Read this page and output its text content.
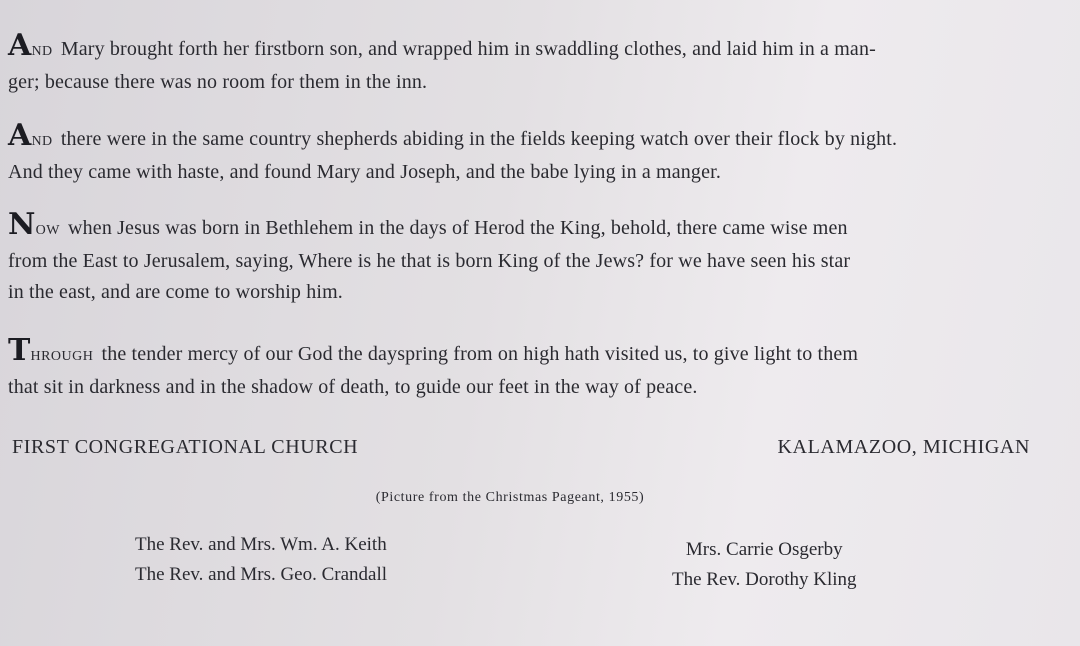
AND Mary brought forth her firstborn son, and wrapped him in swaddling clothes, and laid him in a man-
ger; because there was no room for them in the inn.
AND there were in the same country shepherds abiding in the fields keeping watch over their flock by night.
And they came with haste, and found Mary and Joseph, and the babe lying in a manger.
NOW when Jesus was born in Bethlehem in the days of Herod the King, behold, there came wise men
from the East to Jerusalem, saying, Where is he that is born King of the Jews? for we have seen his star
in the east, and are come to worship him.
THROUGH the tender mercy of our God the dayspring from on high hath visited us, to give light to them
that sit in darkness and in the shadow of death, to guide our feet in the way of peace.
FIRST CONGREGATIONAL CHURCH	KALAMAZOO, MICHIGAN
(Picture from the Christmas Pageant, 1955)
The Rev. and Mrs. Wm. A. Keith
The Rev. and Mrs. Geo. Crandall
Mrs. Carrie Osgerby
The Rev. Dorothy Kling
